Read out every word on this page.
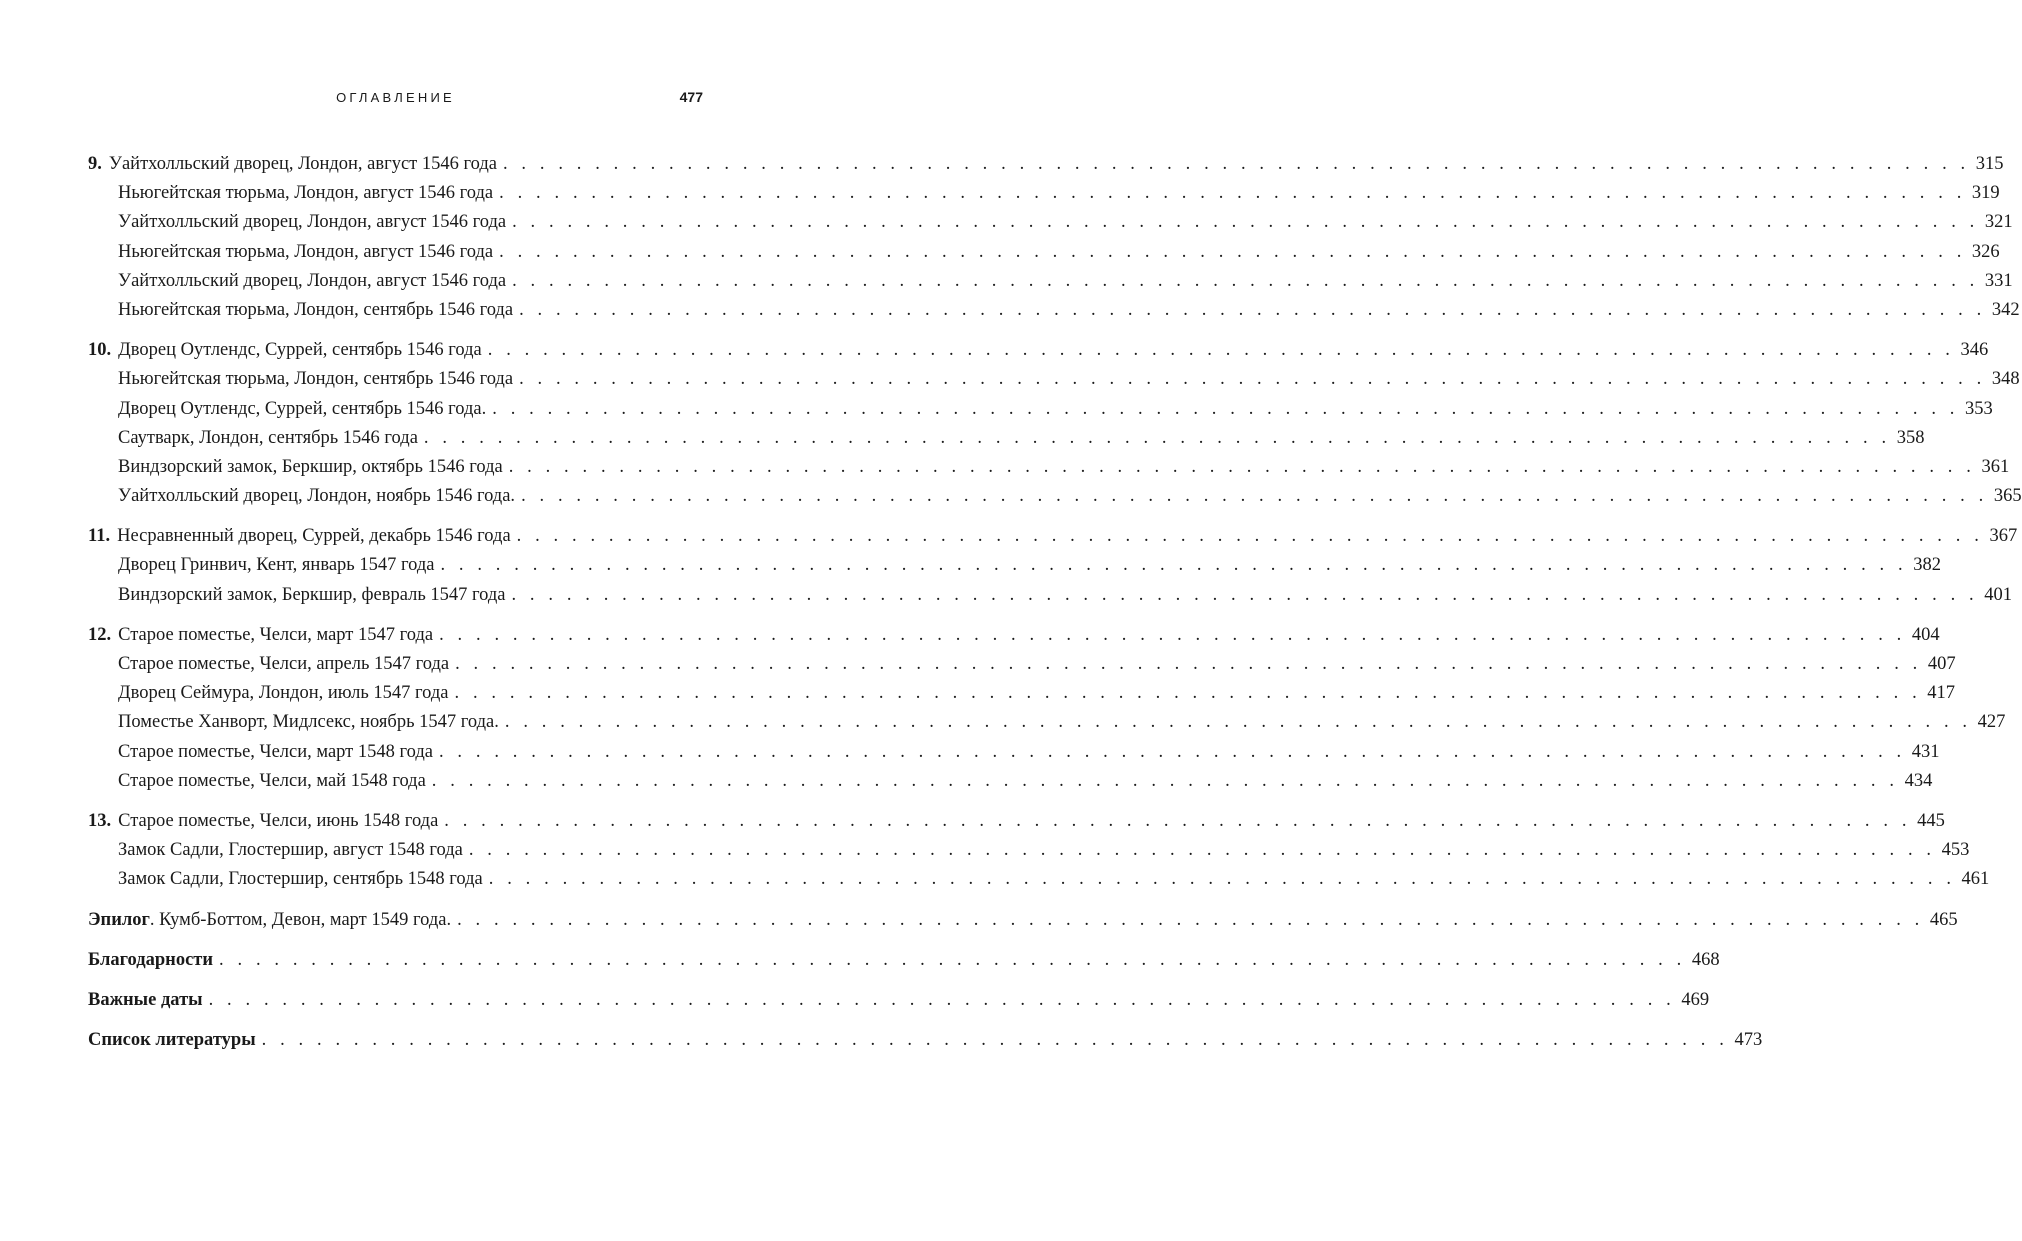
ОГЛАВЛЕНИЕ	477
9. Уайтхолльский дворец, Лондон, август 1546 года . . . . . . . . . . . . . . . . . . . . . . . . . . . . . . . . . . . . . . . . . . . . . . . . . . . . . . . . . . . . . . . . . . . . . . . . . . . . . . . . 315
Ньюгейтская тюрьма, Лондон, август 1546 года . . . . . . . . . . . . . . . . . . . . . . . . . . . . . . . . . . . . . . . . . . . . . . . . . . . . . . . . . . . . . . . . . . . . . . . . . . . . . . . . 319
Уайтхолльский дворец, Лондон, август 1546 года . . . . . . . . . . . . . . . . . . . . . . . . . . . . . . . . . . . . . . . . . . . . . . . . . . . . . . . . . . . . . . . . . . . . . . . . . . . . . . . . 321
Ньюгейтская тюрьма, Лондон, август 1546 года . . . . . . . . . . . . . . . . . . . . . . . . . . . . . . . . . . . . . . . . . . . . . . . . . . . . . . . . . . . . . . . . . . . . . . . . . . . . . . . . 326
Уайтхолльский дворец, Лондон, август 1546 года . . . . . . . . . . . . . . . . . . . . . . . . . . . . . . . . . . . . . . . . . . . . . . . . . . . . . . . . . . . . . . . . . . . . . . . . . . . . . . . . 331
Ньюгейтская тюрьма, Лондон, сентябрь 1546 года . . . . . . . . . . . . . . . . . . . . . . . . . . . . . . . . . . . . . . . . . . . . . . . . . . . . . . . . . . . . . . . . . . . . . . . . . . . . . . . . 342
10. Дворец Оутлендс, Суррей, сентябрь 1546 года . . . . . . . . . . . . . . . . . . . . . . . . . . . . . . . . . . . . . . . . . . . . . . . . . . . . . . . . . . . . . . . . . . . . . . . . . . . . . . . . 346
Ньюгейтская тюрьма, Лондон, сентябрь 1546 года . . . . . . . . . . . . . . . . . . . . . . . . . . . . . . . . . . . . . . . . . . . . . . . . . . . . . . . . . . . . . . . . . . . . . . . . . . . . . . . . 348
Дворец Оутлендс, Суррей, сентябрь 1546 года. . . . . . . . . . . . . . . . . . . . . . . . . . . . . . . . . . . . . . . . . . . . . . . . . . . . . . . . . . . . . . . . . . . . . . . . . . . . . . . . . 353
Саутварк, Лондон, сентябрь 1546 года . . . . . . . . . . . . . . . . . . . . . . . . . . . . . . . . . . . . . . . . . . . . . . . . . . . . . . . . . . . . . . . . . . . . . . . . . . . . . . . . 358
Виндзорский замок, Беркшир, октябрь 1546 года . . . . . . . . . . . . . . . . . . . . . . . . . . . . . . . . . . . . . . . . . . . . . . . . . . . . . . . . . . . . . . . . . . . . . . . . . . . . . . . . 361
Уайтхолльский дворец, Лондон, ноябрь 1546 года. . . . . . . . . . . . . . . . . . . . . . . . . . . . . . . . . . . . . . . . . . . . . . . . . . . . . . . . . . . . . . . . . . . . . . . . . . . . . . . . . 365
11. Несравненный дворец, Суррей, декабрь 1546 года . . . . . . . . . . . . . . . . . . . . . . . . . . . . . . . . . . . . . . . . . . . . . . . . . . . . . . . . . . . . . . . . . . . . . . . . . . . . . . . . 367
Дворец Гринвич, Кент, январь 1547 года . . . . . . . . . . . . . . . . . . . . . . . . . . . . . . . . . . . . . . . . . . . . . . . . . . . . . . . . . . . . . . . . . . . . . . . . . . . . . . . . 382
Виндзорский замок, Беркшир, февраль 1547 года . . . . . . . . . . . . . . . . . . . . . . . . . . . . . . . . . . . . . . . . . . . . . . . . . . . . . . . . . . . . . . . . . . . . . . . . . . . . . . . . 401
12. Старое поместье, Челси, март 1547 года . . . . . . . . . . . . . . . . . . . . . . . . . . . . . . . . . . . . . . . . . . . . . . . . . . . . . . . . . . . . . . . . . . . . . . . . . . . . . . . . 404
Старое поместье, Челси, апрель 1547 года . . . . . . . . . . . . . . . . . . . . . . . . . . . . . . . . . . . . . . . . . . . . . . . . . . . . . . . . . . . . . . . . . . . . . . . . . . . . . . . . 407
Дворец Сеймура, Лондон, июль 1547 года . . . . . . . . . . . . . . . . . . . . . . . . . . . . . . . . . . . . . . . . . . . . . . . . . . . . . . . . . . . . . . . . . . . . . . . . . . . . . . . . 417
Поместье Ханворт, Мидлсекс, ноябрь 1547 года. . . . . . . . . . . . . . . . . . . . . . . . . . . . . . . . . . . . . . . . . . . . . . . . . . . . . . . . . . . . . . . . . . . . . . . . . . . . . . . . . 427
Старое поместье, Челси, март 1548 года . . . . . . . . . . . . . . . . . . . . . . . . . . . . . . . . . . . . . . . . . . . . . . . . . . . . . . . . . . . . . . . . . . . . . . . . . . . . . . . . 431
Старое поместье, Челси, май 1548 года . . . . . . . . . . . . . . . . . . . . . . . . . . . . . . . . . . . . . . . . . . . . . . . . . . . . . . . . . . . . . . . . . . . . . . . . . . . . . . . . 434
13. Старое поместье, Челси, июнь 1548 года . . . . . . . . . . . . . . . . . . . . . . . . . . . . . . . . . . . . . . . . . . . . . . . . . . . . . . . . . . . . . . . . . . . . . . . . . . . . . . . . 445
Замок Садли, Глостершир, август 1548 года . . . . . . . . . . . . . . . . . . . . . . . . . . . . . . . . . . . . . . . . . . . . . . . . . . . . . . . . . . . . . . . . . . . . . . . . . . . . . . . . 453
Замок Садли, Глостершир, сентябрь 1548 года . . . . . . . . . . . . . . . . . . . . . . . . . . . . . . . . . . . . . . . . . . . . . . . . . . . . . . . . . . . . . . . . . . . . . . . . . . . . . . . . 461
Эпилог. Кумб-Боттом, Девон, март 1549 года. . . . . . . . . . . . . . . . . . . . . . . . . . . . . . . . . . . . . . . . . . . . . . . . . . . . . . . . . . . . . . . . . . . . . . . . . . . . . . . . . 465
Благодарности . . . . . . . . . . . . . . . . . . . . . . . . . . . . . . . . . . . . . . . . . . . . . . . . . . . . . . . . . . . . . . . . . . . . . . . . . . . . . . . . 468
Важные даты . . . . . . . . . . . . . . . . . . . . . . . . . . . . . . . . . . . . . . . . . . . . . . . . . . . . . . . . . . . . . . . . . . . . . . . . . . . . . . . . 469
Список литературы . . . . . . . . . . . . . . . . . . . . . . . . . . . . . . . . . . . . . . . . . . . . . . . . . . . . . . . . . . . . . . . . . . . . . . . . . . . . . . . . 473
